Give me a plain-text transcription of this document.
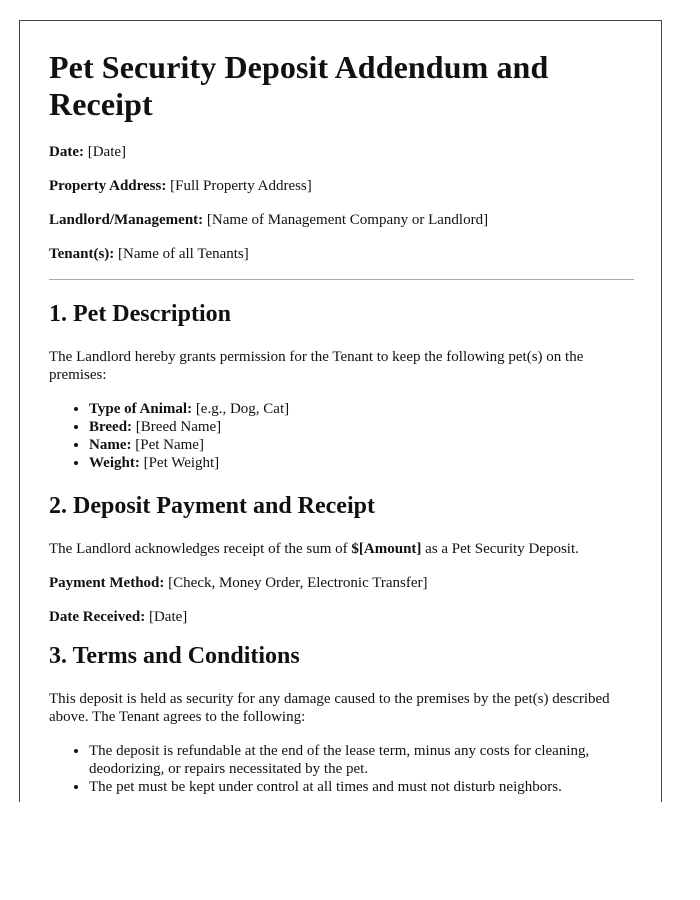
Pet Security Deposit Addendum and Receipt

Date: [Date]

Property Address: [Full Property Address]

Landlord/Management: [Name of Management Company or Landlord]

Tenant(s): [Name of all Tenants]

1. Pet Description

The Landlord hereby grants permission for the Tenant to keep the following pet(s) on the premises:

• Type of Animal: [e.g., Dog, Cat]
• Breed: [Breed Name]
• Name: [Pet Name]
• Weight: [Pet Weight]
2. Deposit Payment and Receipt

The Landlord acknowledges receipt of the sum of $[Amount] as a Pet Security Deposit.

Payment Method: [Check, Money Order, Electronic Transfer]

Date Received: [Date]

3. Terms and Conditions

This deposit is held as security for any damage caused to the premises by the pet(s) described above. The Tenant agrees to the following:

• The deposit is refundable at the end of the lease term, minus any costs for cleaning, deodorizing, or repairs necessitated by the pet.
• The pet must be kept under control at all times and must not disturb neighbors.
